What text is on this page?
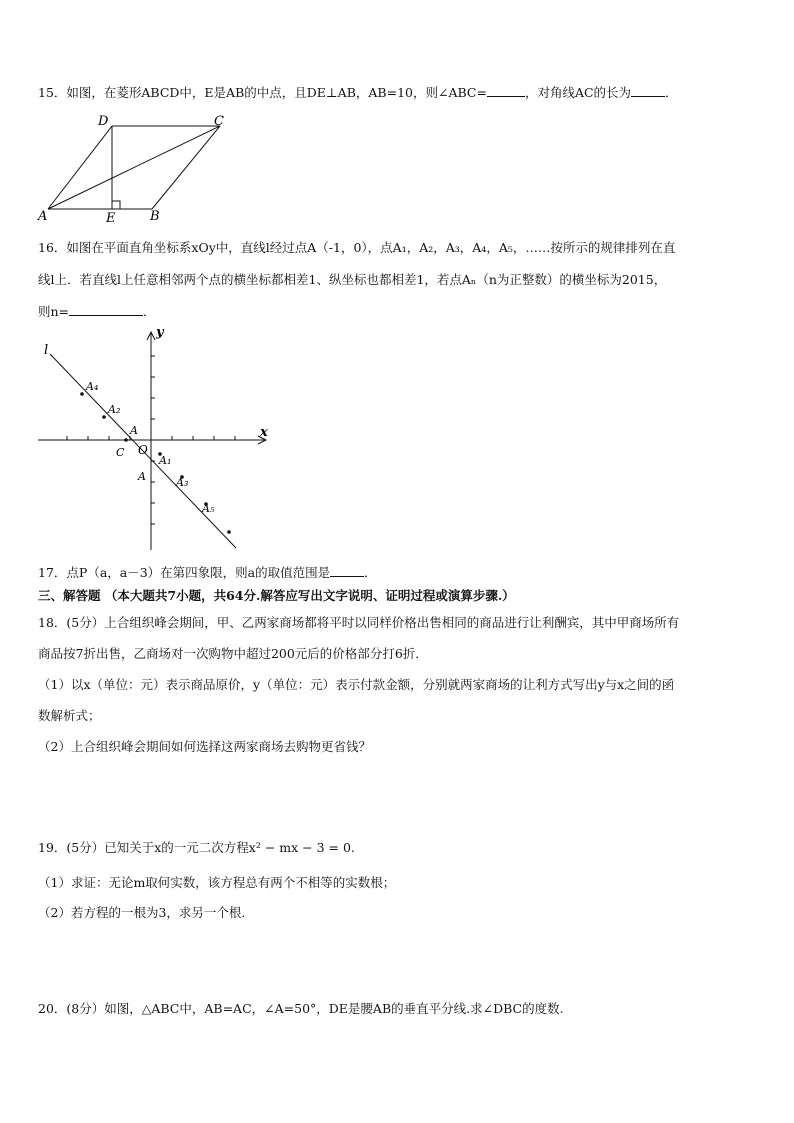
15．如图，在菱形ABCD中，E是AB的中点，且DE⊥AB，AB=10，则∠ABC=	，对角线AC的长为	．
D	C
A	E	B
16．如图在平面直角坐标系xOy中，直线l经过点A（-1，0），点A₁，A₂，A₃，A₄，A₅，……按所示的规律排列在直
线l上．若直线l上任意相邻两个点的横坐标都相差1、纵坐标也都相差1，若点Aₙ（n为正整数）的横坐标为2015，
则n=	．
l
y
x
A₄
A₂
A
C O
A₁
A	A₃
A₅
17．点P（a，a－3）在第四象限，则a的取值范围是	．
三、解答题 （本大题共7小题，共64分.解答应写出文字说明、证明过程或演算步骤.）
18．(5分）上合组织峰会期间，甲、乙两家商场都将平时以同样价格出售相同的商品进行让利酬宾，其中甲商场所有
商品按7折出售，乙商场对一次购物中超过200元后的价格部分打6折．
（1）以x（单位：元）表示商品原价，y（单位：元）表示付款金额，分别就两家商场的让利方式写出y与x之间的函
数解析式；
（2）上合组织峰会期间如何选择这两家商场去购物更省钱？
19．(5分）已知关于x的一元二次方程x² − mx − 3 = 0.
（1）求证：无论m取何实数，该方程总有两个不相等的实数根；
（2）若方程的一根为3，求另一个根.
20．(8分）如图，△ABC中，AB=AC，∠A=50°，DE是腰AB的垂直平分线.求∠DBC的度数.
